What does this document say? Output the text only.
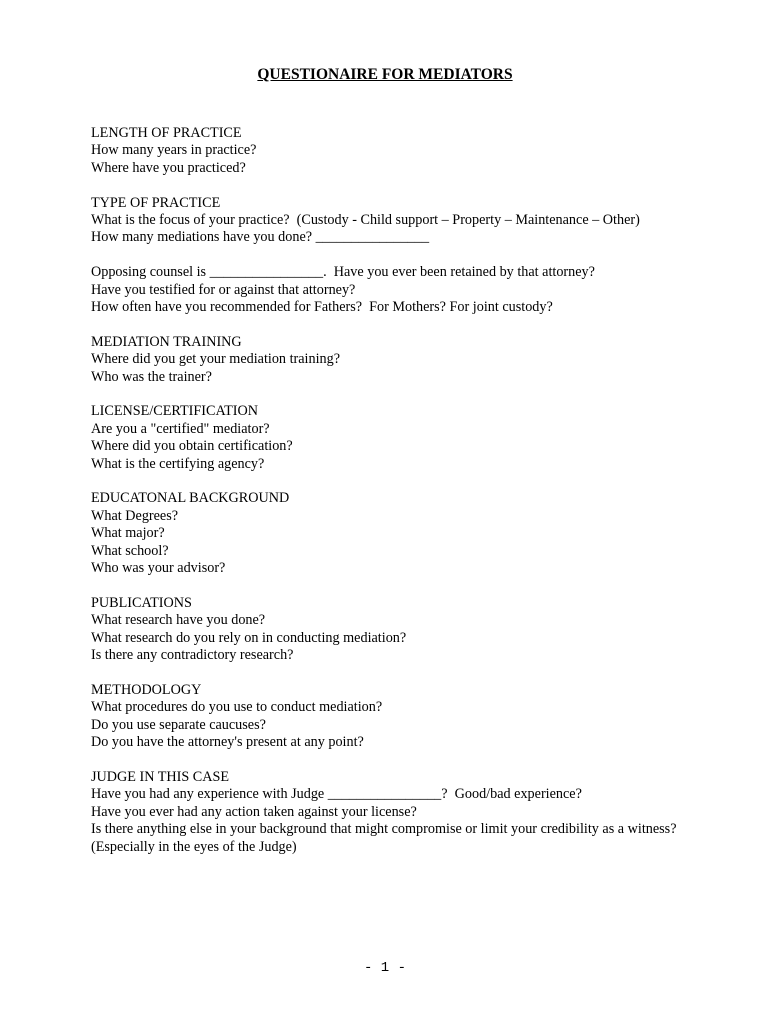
QUESTIONAIRE FOR MEDIATORS
LENGTH OF PRACTICE
How many years in practice?
Where have you practiced?
TYPE OF PRACTICE
What is the focus of your practice?  (Custody - Child support – Property – Maintenance – Other)
How many mediations have you done? ________________
Opposing counsel is ________________.  Have you ever been retained by that attorney?
Have you testified for or against that attorney?
How often have you recommended for Fathers?  For Mothers? For joint custody?
MEDIATION TRAINING
Where did you get your mediation training?
Who was the trainer?
LICENSE/CERTIFICATION
Are you a "certified" mediator?
Where did you obtain certification?
What is the certifying agency?
EDUCATONAL BACKGROUND
What Degrees?
What major?
What school?
Who was your advisor?
PUBLICATIONS
What research have you done?
What research do you rely on in conducting mediation?
Is there any contradictory research?
METHODOLOGY
What procedures do you use to conduct mediation?
Do you use separate caucuses?
Do you have the attorney's present at any point?
JUDGE IN THIS CASE
Have you had any experience with Judge ________________?  Good/bad experience?
Have you ever had any action taken against your license?
Is there anything else in your background that might compromise or limit your credibility as a witness? (Especially in the eyes of the Judge)
- 1 -
